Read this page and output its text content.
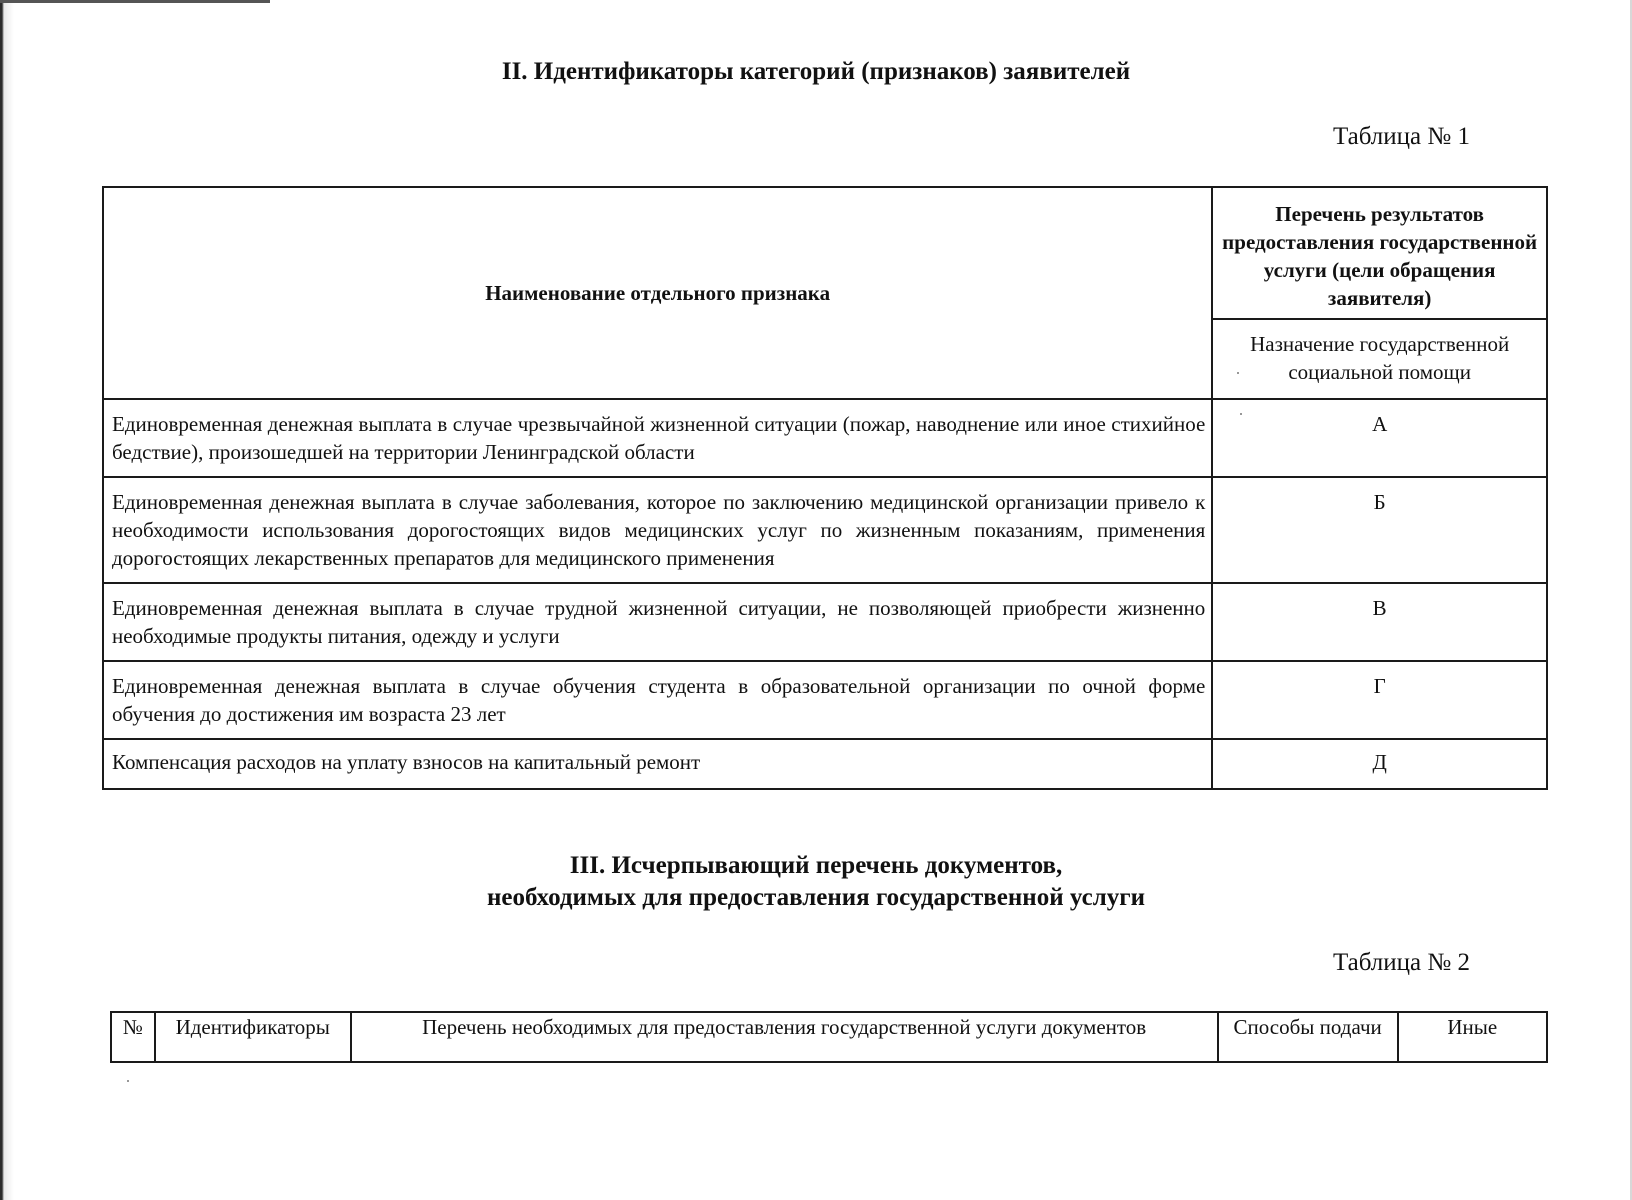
II. Идентификаторы категорий (признаков) заявителей

Таблица № 1

Наименование отдельного признака	Перечень результатов предоставления государственной услуги (цели обращения заявителя)
	Назначение государственной социальной помощи
Единовременная денежная выплата в случае чрезвычайной жизненной ситуации (пожар, наводнение или иное стихийное бедствие), произошедшей на территории Ленинградской области	А
Единовременная денежная выплата в случае заболевания, которое по заключению медицинской организации привело к необходимости использования дорогостоящих видов медицинских услуг по жизненным показаниям, применения дорогостоящих лекарственных препаратов для медицинского применения	Б
Единовременная денежная выплата в случае трудной жизненной ситуации, не позволяющей приобрести жизненно необходимые продукты питания, одежду и услуги	В
Единовременная денежная выплата в случае обучения студента в образовательной организации по очной форме обучения до достижения им возраста 23 лет	Г
Компенсация расходов на уплату взносов на капитальный ремонт	Д
III. Исчерпывающий перечень документов,
необходимых для предоставления государственной услуги

Таблица № 2

№	Идентификаторы	Перечень необходимых для предоставления государственной услуги документов	Способы подачи	Иные
